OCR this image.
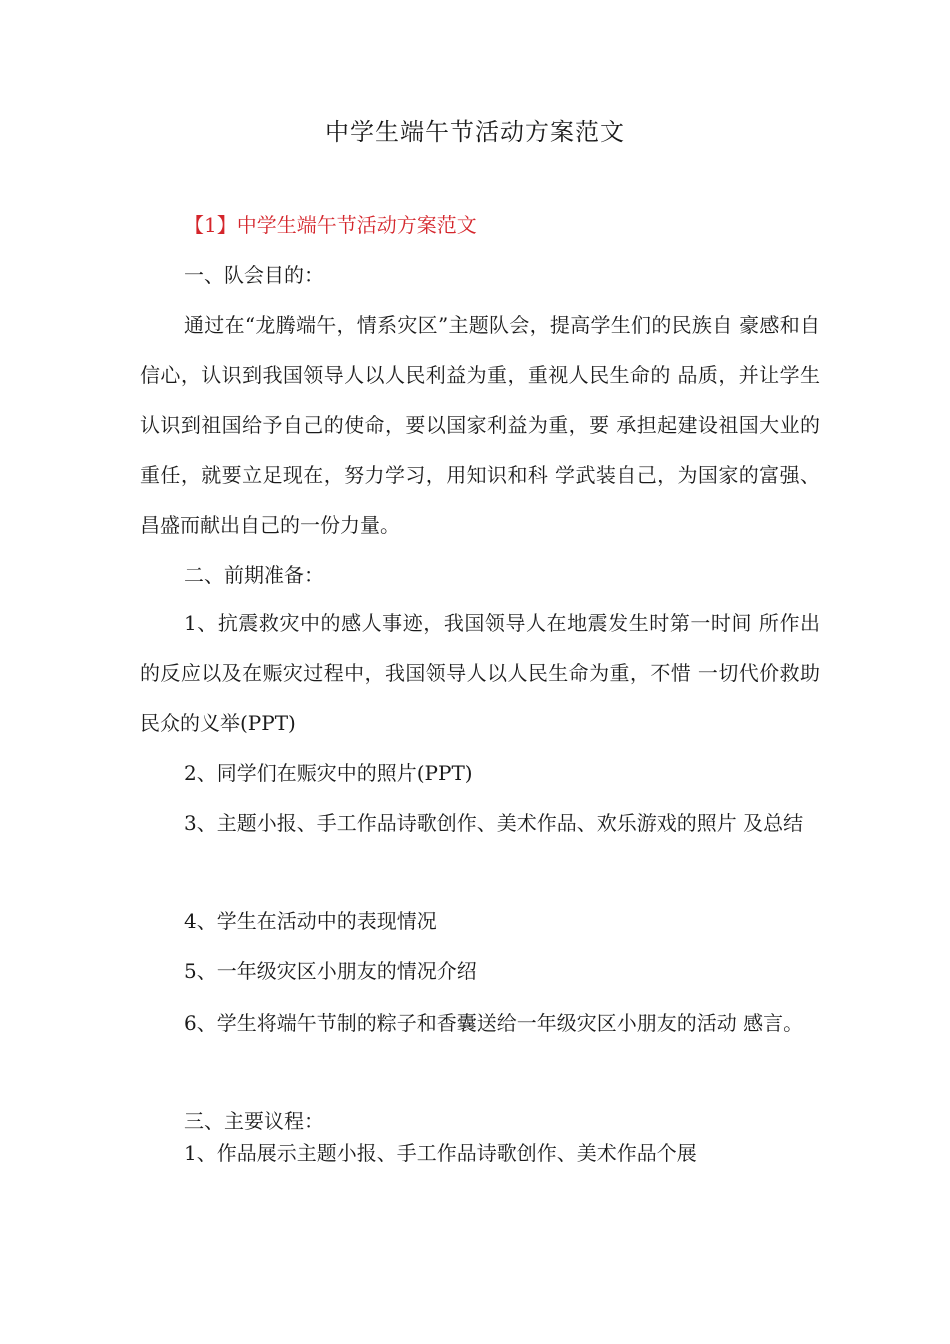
中学生端午节活动方案范文
【1】中学生端午节活动方案范文
一、队会目的：
通过在“龙腾端午，情系灾区”主题队会，提高学生们的民族自 豪感和自信心，认识到我国领导人以人民利益为重，重视人民生命的 品质，并让学生认识到祖国给予自己的使命，要以国家利益为重，要 承担起建设祖国大业的重任，就要立足现在，努力学习，用知识和科 学武装自己，为国家的富强、昌盛而献出自己的一份力量。
二、前期准备：
1、抗震救灾中的感人事迹，我国领导人在地震发生时第一时间 所作出的反应以及在赈灾过程中，我国领导人以人民生命为重，不惜 一切代价救助民众的义举(PPT)
2、同学们在赈灾中的照片(PPT)
3、主题小报、手工作品诗歌创作、美术作品、欢乐游戏的照片 及总结
4、学生在活动中的表现情况
5、一年级灾区小朋友的情况介绍
6、学生将端午节制的粽子和香囊送给一年级灾区小朋友的活动 感言。
三、主要议程：
1、作品展示主题小报、手工作品诗歌创作、美术作品个展
